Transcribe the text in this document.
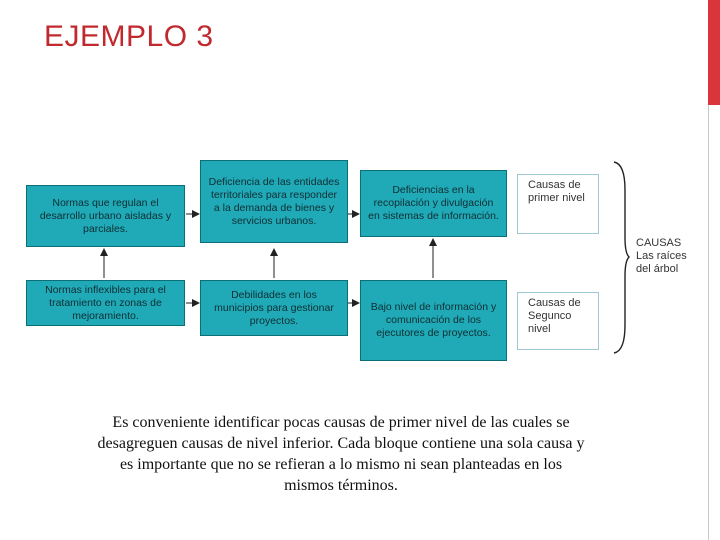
EJEMPLO 3
Normas que regulan el desarrollo urbano aisladas y parciales.
Deficiencia de las entidades territoriales para responder a la demanda de bienes y servicios urbanos.
Deficiencias en la recopilación y divulgación en sistemas de información.
Normas inflexibles para el tratamiento en zonas de mejoramiento.
Debilidades en los municipios para gestionar proyectos.
Bajo nivel de información y comunicación de los ejecutores de proyectos.
Causas de primer nivel
Causas de Segunco nivel
CAUSAS
Las raíces
del árbol
Es conveniente identificar pocas causas de primer nivel de las cuales se desagreguen causas de nivel inferior. Cada bloque contiene una sola causa y es importante que no se refieran a lo mismo ni sean planteadas en los mismos términos.
